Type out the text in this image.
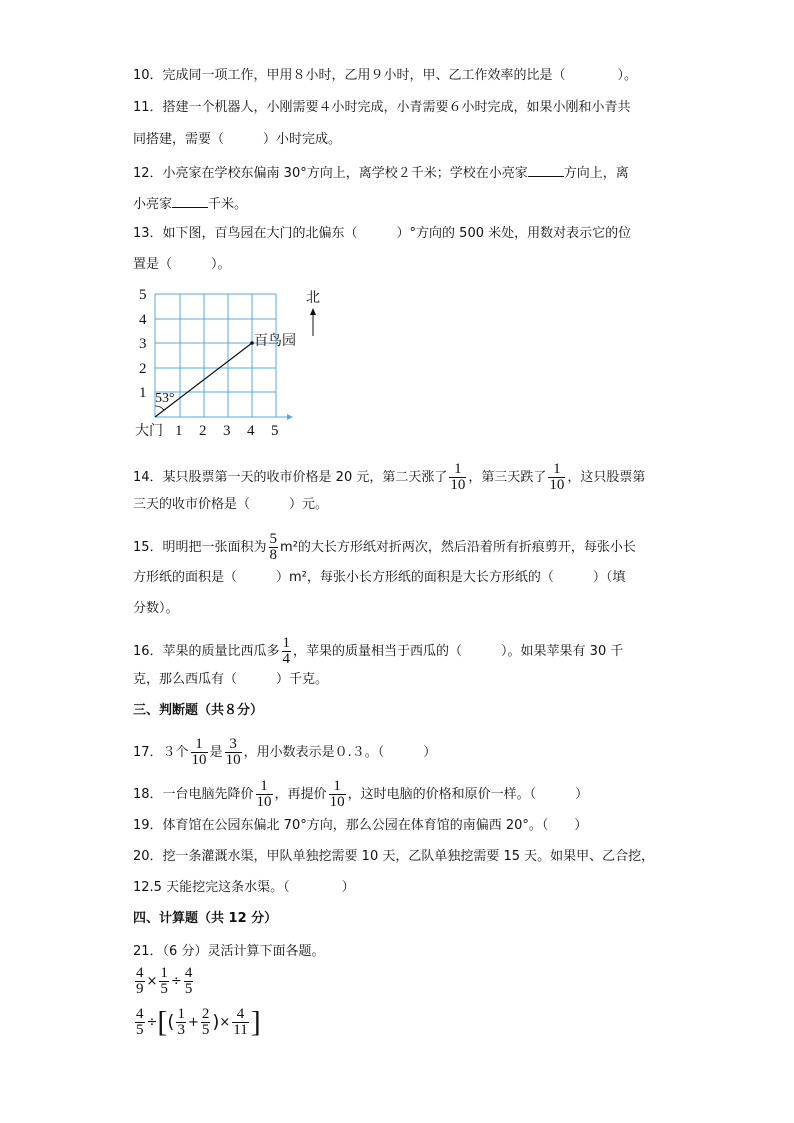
10．完成同一项工作，甲用８小时，乙用９小时，甲、乙工作效率的比是（　　　　）。
11．搭建一个机器人，小刚需要４小时完成，小青需要６小时完成，如果小刚和小青共
同搭建，需要（　　　）小时完成。
12．小亮家在学校东偏南 30°方向上，离学校２千米；学校在小亮家	方向上，离
小亮家	千米。
13．如下图，百鸟园在大门的北偏东（　　　）°方向的 500 米处，用数对表示它的位
置是（　　　）。
5
4
3
2
1
1 2 3 4 5
大门
53°
百鸟园
北
14．某只股票第一天的收市价格是 20 元，第二天涨了 $\frac{1}{10}$ ，第三天跌了 $\frac{1}{10}$ ，这只股票第
三天的收市价格是（　　　）元。
15．明明把一张面积为 $\frac{5}{8} m^2$的大长方形纸对折两次，然后沿着所有折痕剪开，每张小长
方形纸的面积是（　　　）m²，每张小长方形纸的面积是大长方形纸的（　　　）（填
分数）。
16．苹果的质量比西瓜多 $\frac{1}{4}$ ，苹果的质量相当于西瓜的（　　　）。如果苹果有 30 千
克，那么西瓜有（　　　）千克。
三、判断题（共８分）
17．３个 $\frac{1}{10}$ 是 $\frac{3}{10}$ ，用小数表示是０.３。（　　　）
18．一台电脑先降价 $\frac{1}{10}$ ，再提价 $\frac{1}{10}$ ，这时电脑的价格和原价一样。（　　　）
19．体育馆在公园东偏北 70°方向，那么公园在体育馆的南偏西 20°。（　　）
20．挖一条灌溉水渠，甲队单独挖需要 10 天，乙队单独挖需要 15 天。如果甲、乙合挖，
12.5 天能挖完这条水渠。（　　　　）
四、计算题（共 12 分）
21．（6 分）灵活计算下面各题。
$\frac{4}{9} \times \frac{1}{5} \div \frac{4}{5}$
$\frac{4}{5}$ ÷[( $\frac{1}{3} + \frac{2}{5}$ )× $\frac{4}{11}$ ]
